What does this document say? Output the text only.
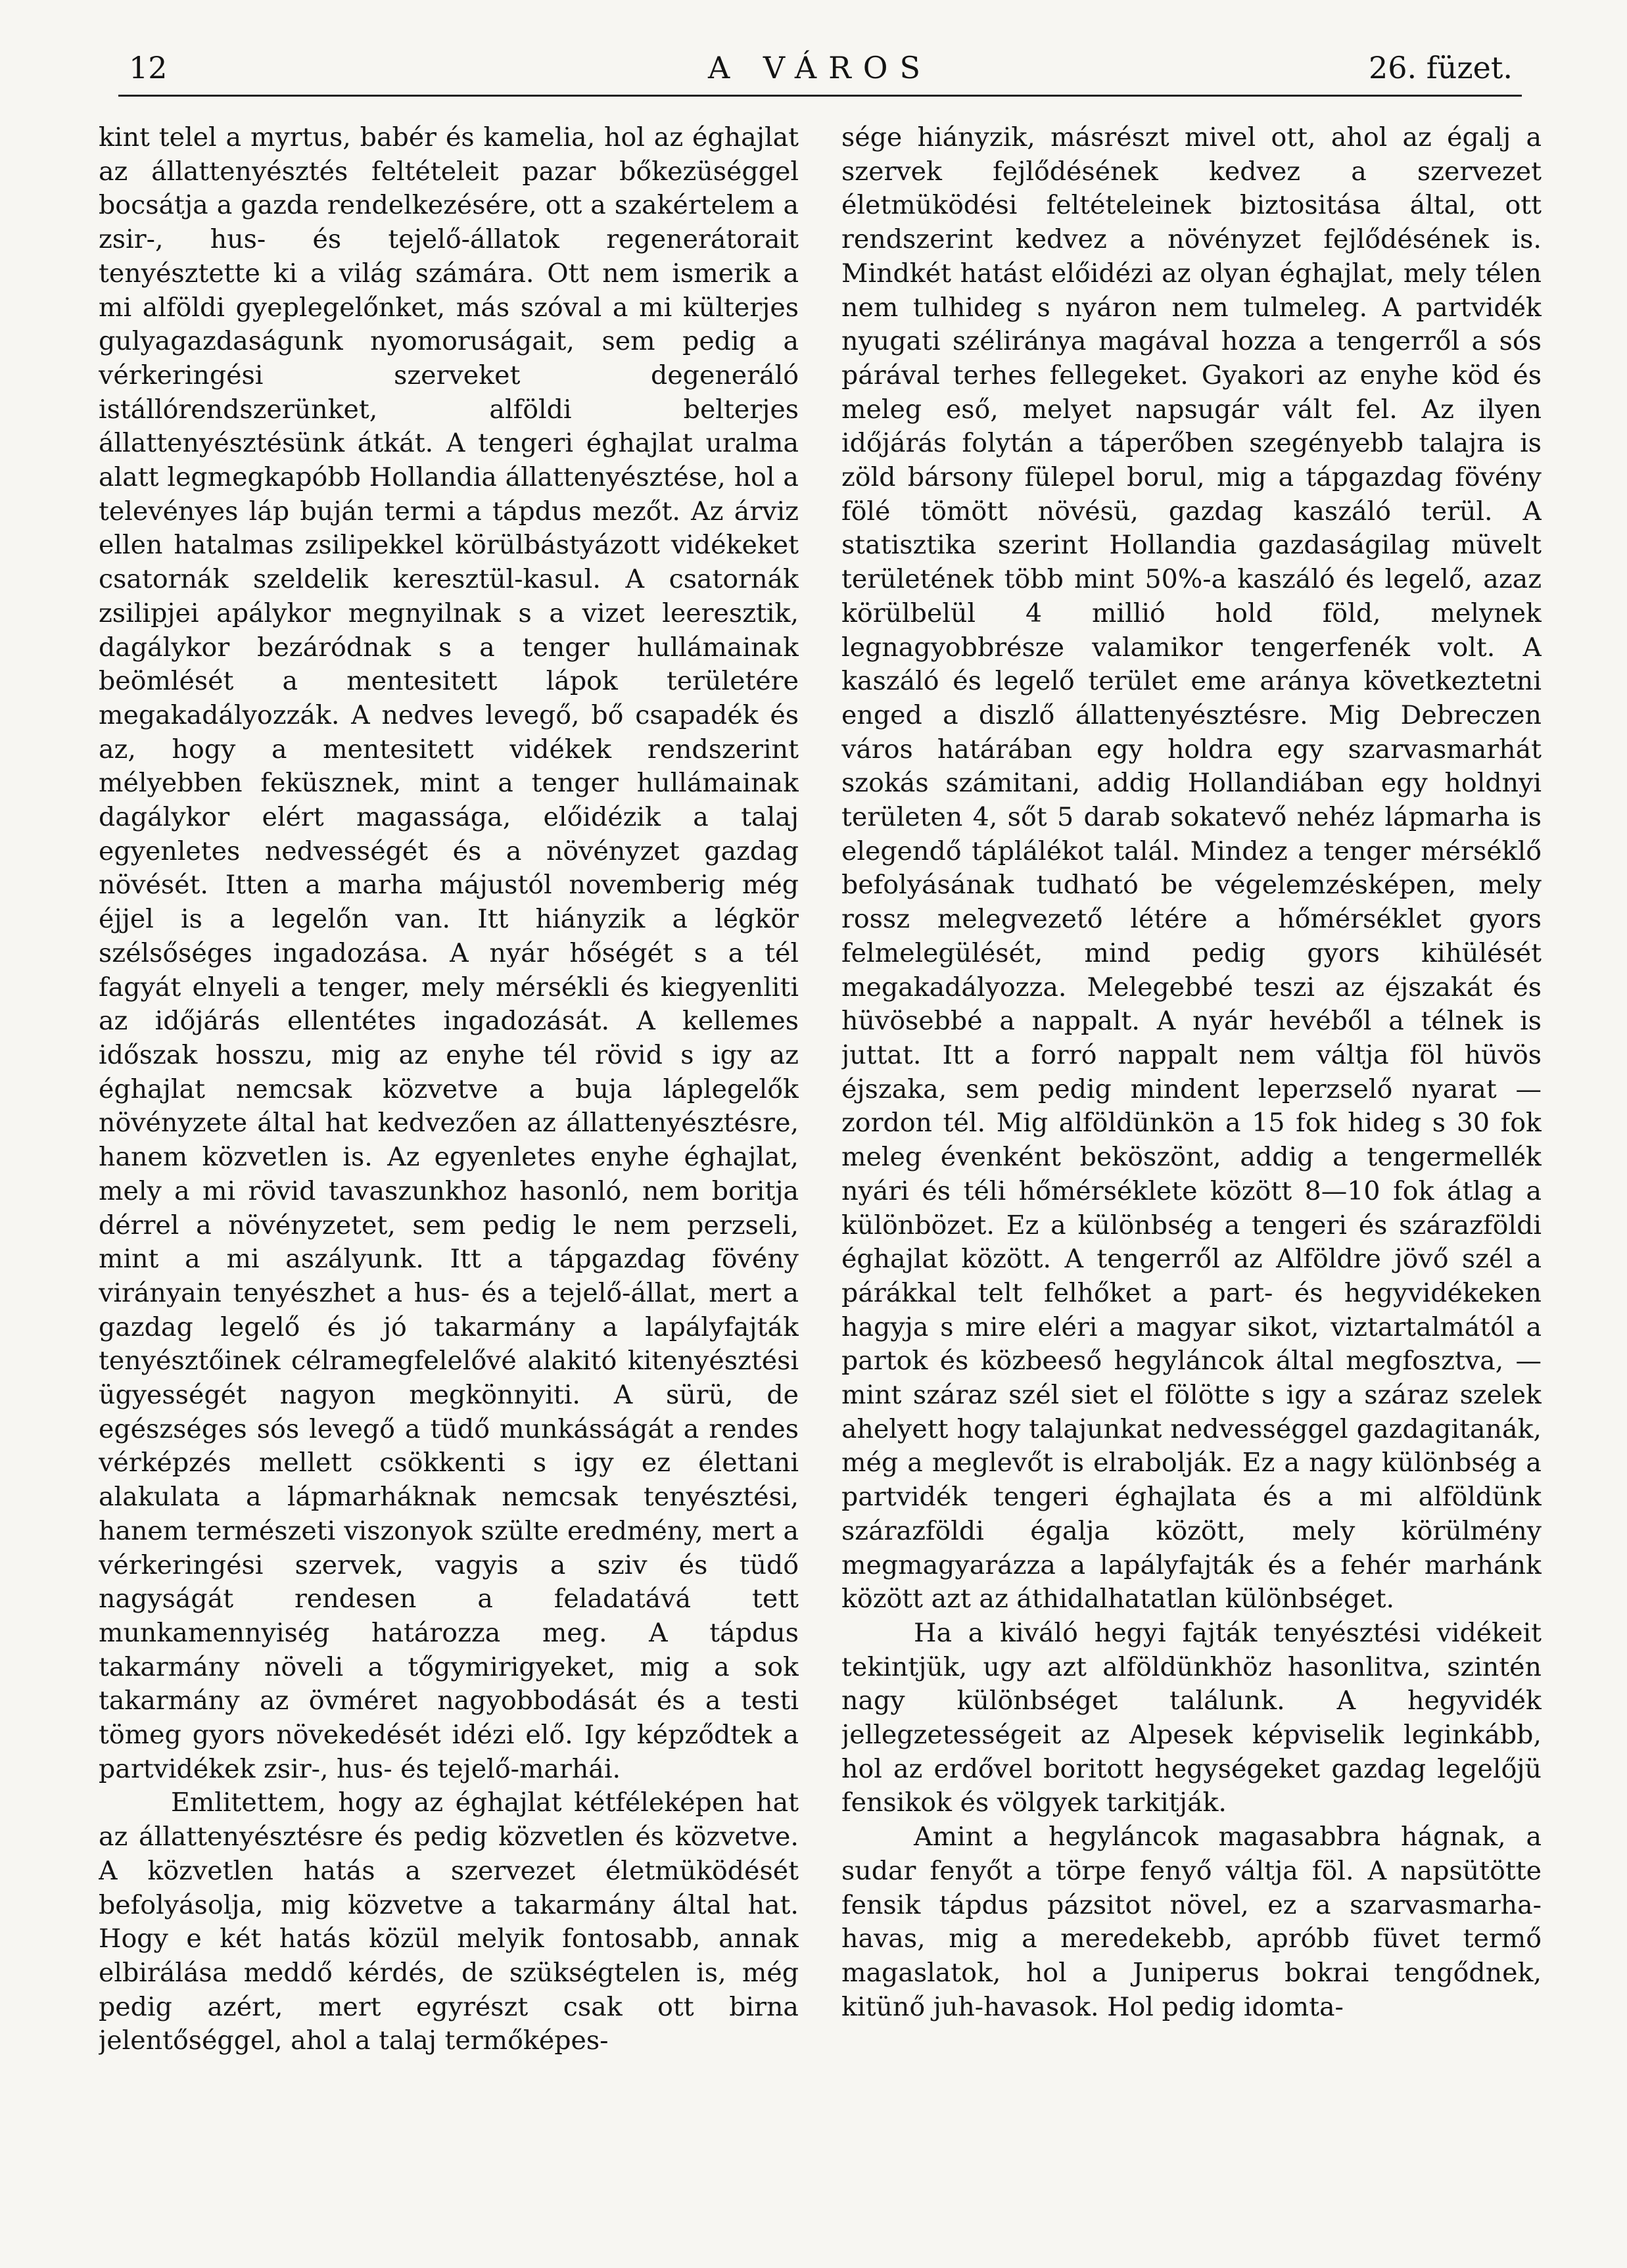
12	A VÁROS	26. füzet.

kint telel a myrtus, babér és kamelia, hol az éghajlat az állattenyésztés feltételeit pazar bőkezüséggel bocsátja a gazda rendelkezésére, ott a szakértelem a zsir-, hus- és tejelő-állatok regenerátorait tenyésztette ki a világ számára. Ott nem ismerik a mi alföldi gyeplegelőnket, más szóval a mi külterjes gulyagazdaságunk nyomoruságait, sem pedig a vérkeringési szerveket degeneráló istállórendszerünket, alföldi belterjes állattenyésztésünk átkát. A tengeri éghajlat uralma alatt legmegkapóbb Hollandia állattenyésztése, hol a televényes láp buján termi a tápdus mezőt. Az árviz ellen hatalmas zsilipekkel körülbástyázott vidékeket csatornák szeldelik keresztül-kasul. A csatornák zsilipjei apálykor megnyilnak s a vizet leeresztik, dagálykor bezáródnak s a tenger hullámainak beömlését a mentesitett lápok területére megakadályozzák. A nedves levegő, bő csapadék és az, hogy a mentesitett vidékek rendszerint mélyebben feküsznek, mint a tenger hullámainak dagálykor elért magassága, előidézik a talaj egyenletes nedvességét és a növényzet gazdag növését. Itten a marha májustól novemberig még éjjel is a legelőn van. Itt hiányzik a légkör szélsőséges ingadozása. A nyár hőségét s a tél fagyát elnyeli a tenger, mely mérsékli és kiegyenliti az időjárás ellentétes ingadozását. A kellemes időszak hosszu, mig az enyhe tél rövid s igy az éghajlat nemcsak közvetve a buja láplegelők növényzete által hat kedvezően az állattenyésztésre, hanem közvetlen is. Az egyenletes enyhe éghajlat, mely a mi rövid tavaszunkhoz hasonló, nem boritja dérrel a növényzetet, sem pedig le nem perzseli, mint a mi aszályunk. Itt a tápgazdag fövény virányain tenyészhet a hus- és a tejelő-állat, mert a gazdag legelő és jó takarmány a lapályfajták tenyésztőinek célramegfelelővé alakitó kitenyésztési ügyességét nagyon megkönnyiti. A sürü, de egészséges sós levegő a tüdő munkásságát a rendes vérképzés mellett csökkenti s igy ez élettani alakulata a lápmarháknak nemcsak tenyésztési, hanem természeti viszonyok szülte eredmény, mert a vérkeringési szervek, vagyis a sziv és tüdő nagyságát rendesen a feladatává tett munkamennyiség határozza meg. A tápdus takarmány növeli a tőgymirigyeket, mig a sok takarmány az övméret nagyobbodását és a testi tömeg gyors növekedését idézi elő. Igy képződtek a partvidékek zsir-, hus- és tejelő-marhái.

Emlitettem, hogy az éghajlat kétféleképen hat az állattenyésztésre és pedig közvetlen és közvetve. A közvetlen hatás a szervezet életmüködését befolyásolja, mig közvetve a takarmány által hat. Hogy e két hatás közül melyik fontosabb, annak elbirálása meddő kérdés, de szükségtelen is, még pedig azért, mert egyrészt csak ott birna jelentőséggel, ahol a talaj termőképes-

sége hiányzik, másrészt mivel ott, ahol az égalj a szervek fejlődésének kedvez a szervezet életmüködési feltételeinek biztositása által, ott rendszerint kedvez a növényzet fejlődésének is. Mindkét hatást előidézi az olyan éghajlat, mely télen nem tulhideg s nyáron nem tulmeleg. A partvidék nyugati szélirányа magával hozza a tengerről a sós párával terhes fellegeket. Gyakori az enyhe köd és meleg eső, melyet napsugár vált fel. Az ilyen időjárás folytán a táperőben szegényebb talajra is zöld bársony fülepel borul, mig a tápgazdag fövény fölé tömött növésü, gazdag kaszáló terül. A statisztika szerint Hollandia gazdaságilag müvelt területének több mint 50%-a kaszáló és legelő, azaz körülbelül 4 millió hold föld, melynek legnagyobbrésze valamikor tengerfenék volt. A kaszáló és legelő terület eme aránya következtetni enged a diszlő állattenyésztésre. Mig Debreczen város határában egy holdra egy szarvasmarhát szokás számitani, addig Hollandiában egy holdnyi területen 4, sőt 5 darab sokatevő nehéz lápmarha is elegendő táplálékot talál. Mindez a tenger mérséklő befolyásának tudható be végelemzésképen, mely rossz melegvezető létére a hőmérséklet gyors felmelegülését, mind pedig gyors kihülését megakadályozza. Melegebbé teszi az éjszakát és hüvösebbé a nappalt. A nyár hevéből a télnek is juttat. Itt a forró nappalt nem váltja föl hüvös éjszaka, sem pedig mindent leperzselő nyarat — zordon tél. Mig alföldünkön a 15 fok hideg s 30 fok meleg évenként beköszönt, addig a tengermellék nyári és téli hőmérséklete között 8—10 fok átlag a különbözet. Ez a különbség a tengeri és szárazföldi éghajlat között. A tengerről az Alföldre jövő szél a párákkal telt felhőket a part- és hegyvidékeken hagyja s mire eléri a magyar sikot, viztartalmától a partok és közbeeső hegyláncok által megfosztva, — mint száraz szél siet el fölötte s igy a száraz szelek ahelyett hogy talajunkat nedvességgel gazdagitanák, még a meglevőt is elrabolják. Ez a nagy különbség a partvidék tengeri éghajlata és a mi alföldünk szárazföldi égalja között, mely körülmény megmagyarázza a lapályfajták és a fehér marhánk között azt az áthidalhatatlan különbséget.

Ha a kiváló hegyi fajták tenyésztési vidékeit tekintjük, ugy azt alföldünkhöz hasonlitva, szintén nagy különbséget találunk. A hegyvidék jellegzetességeit az Alpesek képviselik leginkább, hol az erdővel boritott hegységeket gazdag legelőjü fensikok és völgyek tarkitják.

Amint a hegyláncok magasabbra hágnak, a sudar fenyőt a törpe fenyő váltja föl. A napsütötte fensik tápdus pázsitot növel, ez a szarvasmarha-havas, mig a meredekebb, apróbb füvet termő magaslatok, hol a Juniperus bokrai tengődnek, kitünő juh-havasok. Hol pedig idomta-
